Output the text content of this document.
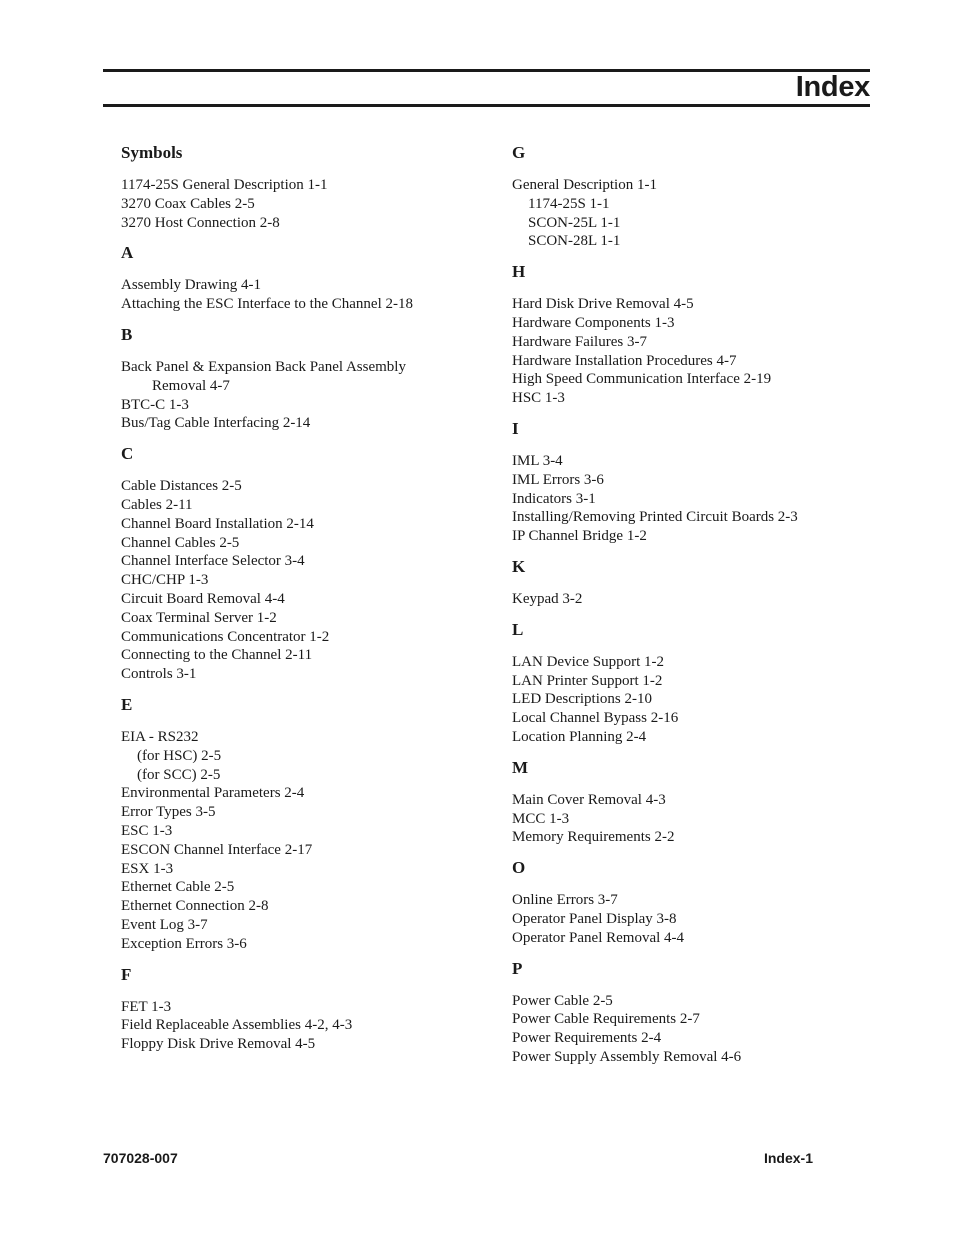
Index
Symbols
1174-25S General Description 1-1
3270 Coax Cables 2-5
3270 Host Connection 2-8
A
Assembly Drawing 4-1
Attaching the ESC Interface to the Channel 2-18
B
Back Panel & Expansion Back Panel Assembly
Removal 4-7
BTC-C 1-3
Bus/Tag Cable Interfacing 2-14
C
Cable Distances 2-5
Cables 2-11
Channel Board Installation 2-14
Channel Cables 2-5
Channel Interface Selector 3-4
CHC/CHP 1-3
Circuit Board Removal 4-4
Coax Terminal Server 1-2
Communications Concentrator 1-2
Connecting to the Channel 2-11
Controls 3-1
E
EIA - RS232
(for HSC) 2-5
(for SCC) 2-5
Environmental Parameters 2-4
Error Types 3-5
ESC 1-3
ESCON Channel Interface 2-17
ESX 1-3
Ethernet Cable 2-5
Ethernet Connection 2-8
Event Log 3-7
Exception Errors 3-6
F
FET 1-3
Field Replaceable Assemblies 4-2, 4-3
Floppy Disk Drive Removal 4-5
G
General Description 1-1
1174-25S 1-1
SCON-25L 1-1
SCON-28L 1-1
H
Hard Disk Drive Removal 4-5
Hardware Components 1-3
Hardware Failures 3-7
Hardware Installation Procedures 4-7
High Speed Communication Interface 2-19
HSC 1-3
I
IML 3-4
IML Errors 3-6
Indicators 3-1
Installing/Removing Printed Circuit Boards 2-3
IP Channel Bridge 1-2
K
Keypad 3-2
L
LAN Device Support 1-2
LAN Printer Support 1-2
LED Descriptions 2-10
Local Channel Bypass 2-16
Location Planning 2-4
M
Main Cover Removal 4-3
MCC 1-3
Memory Requirements 2-2
O
Online Errors 3-7
Operator Panel Display 3-8
Operator Panel Removal 4-4
P
Power Cable 2-5
Power Cable Requirements 2-7
Power Requirements 2-4
Power Supply Assembly Removal 4-6
707028-007	Index-1
